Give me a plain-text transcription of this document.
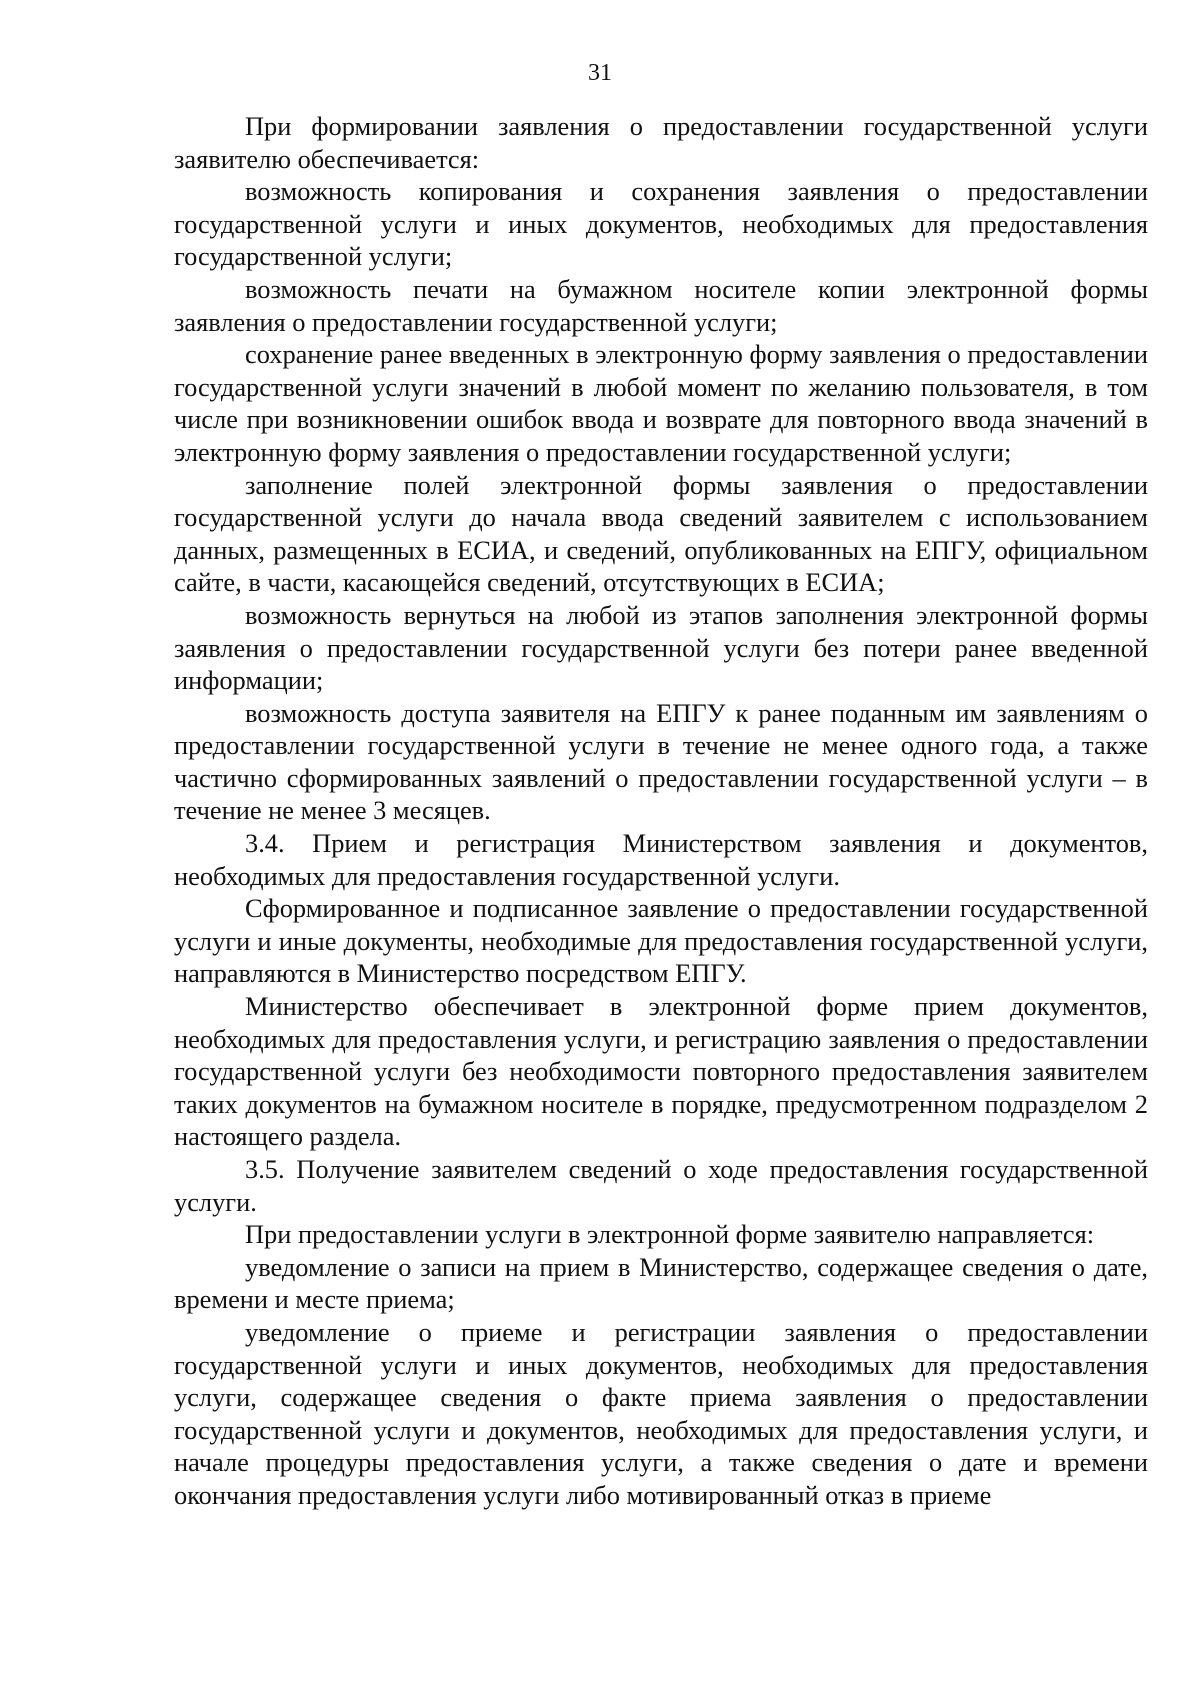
31

При формировании заявления о предоставлении государственной услуги заявителю обеспечивается:

возможность копирования и сохранения заявления о предоставлении государственной услуги и иных документов, необходимых для предоставления государственной услуги;

возможность печати на бумажном носителе копии электронной формы заявления о предоставлении государственной услуги;

сохранение ранее введенных в электронную форму заявления о предоставлении государственной услуги значений в любой момент по желанию пользователя, в том числе при возникновении ошибок ввода и возврате для повторного ввода значений в электронную форму заявления о предоставлении государственной услуги;

заполнение полей электронной формы заявления о предоставлении государственной услуги до начала ввода сведений заявителем с использованием данных, размещенных в ЕСИА, и сведений, опубликованных на ЕПГУ, официальном сайте, в части, касающейся сведений, отсутствующих в ЕСИА;

возможность вернуться на любой из этапов заполнения электронной формы заявления о предоставлении государственной услуги без потери ранее введенной информации;

возможность доступа заявителя на ЕПГУ к ранее поданным им заявлениям о предоставлении государственной услуги в течение не менее одного года, а также частично сформированных заявлений о предоставлении государственной услуги – в течение не менее 3 месяцев.

3.4. Прием и регистрация Министерством заявления и документов, необходимых для предоставления государственной услуги.

Сформированное и подписанное заявление о предоставлении государственной услуги и иные документы, необходимые для предоставления государственной услуги, направляются в Министерство посредством ЕПГУ.

Министерство обеспечивает в электронной форме прием документов, необходимых для предоставления услуги, и регистрацию заявления о предоставлении государственной услуги без необходимости повторного предоставления заявителем таких документов на бумажном носителе в порядке, предусмотренном подразделом 2 настоящего раздела.

3.5. Получение заявителем сведений о ходе предоставления государственной услуги.

При предоставлении услуги в электронной форме заявителю направляется:

уведомление о записи на прием в Министерство, содержащее сведения о дате, времени и месте приема;

уведомление о приеме и регистрации заявления о предоставлении государственной услуги и иных документов, необходимых для предоставления услуги, содержащее сведения о факте приема заявления о предоставлении государственной услуги и документов, необходимых для предоставления услуги, и начале процедуры предоставления услуги, а также сведения о дате и времени окончания предоставления услуги либо мотивированный отказ в приеме
